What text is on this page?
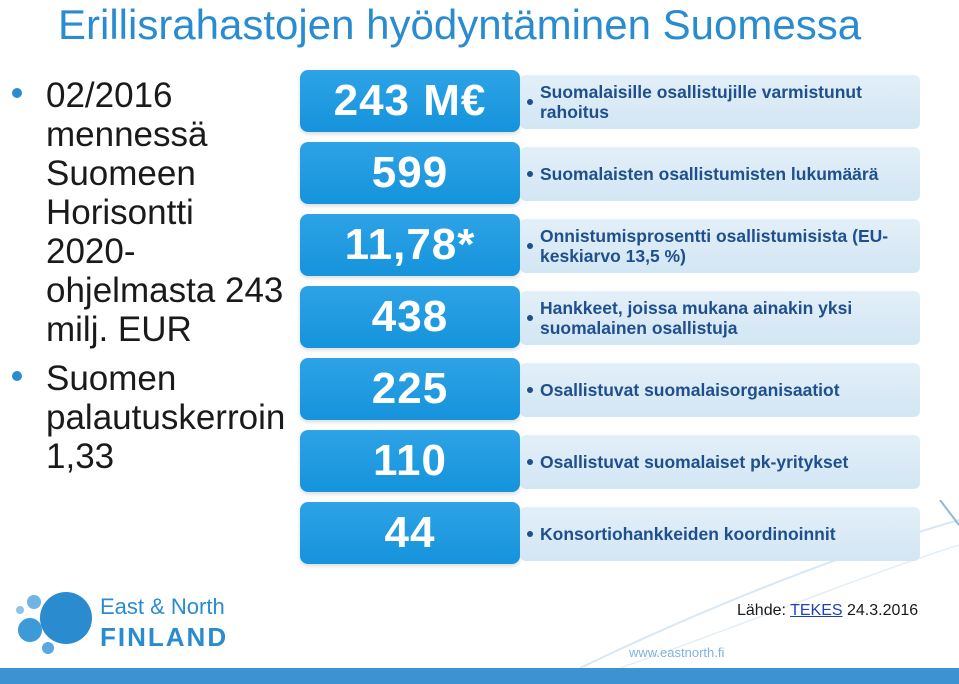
Erillisrahastojen hyödyntäminen Suomessa
02/2016 mennessä Suomeen Horisontti 2020-ohjelmasta 243 milj. EUR
Suomen palautuskerroin 1,33
243 M€	Suomalaisille osallistujille varmistunut rahoitus
599	Suomalaisten osallistumisten lukumäärä
11,78*	Onnistumisprosentti osallistumisista (EU-keskiarvo 13,5 %)
438	Hankkeet, joissa mukana ainakin yksi suomalainen osallistuja
225	Osallistuvat suomalaisorganisaatiot
110	Osallistuvat suomalaiset pk-yritykset
44	Konsortiohankkeiden koordinoinnit
East & North
FINLAND
Lähde: TEKES 24.3.2016
www.eastnorth.fi
